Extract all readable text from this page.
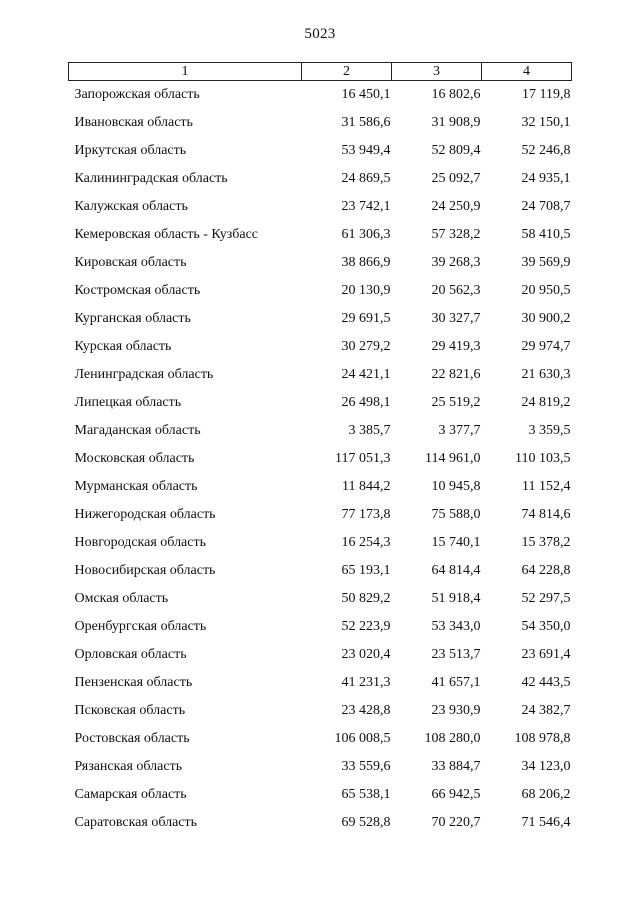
5023
1	2	3	4
Запорожская область	16 450,1	16 802,6	17 119,8
Ивановская область	31 586,6	31 908,9	32 150,1
Иркутская область	53 949,4	52 809,4	52 246,8
Калининградская область	24 869,5	25 092,7	24 935,1
Калужская область	23 742,1	24 250,9	24 708,7
Кемеровская область - Кузбасс	61 306,3	57 328,2	58 410,5
Кировская область	38 866,9	39 268,3	39 569,9
Костромская область	20 130,9	20 562,3	20 950,5
Курганская область	29 691,5	30 327,7	30 900,2
Курская область	30 279,2	29 419,3	29 974,7
Ленинградская область	24 421,1	22 821,6	21 630,3
Липецкая область	26 498,1	25 519,2	24 819,2
Магаданская область	3 385,7	3 377,7	3 359,5
Московская область	117 051,3	114 961,0	110 103,5
Мурманская область	11 844,2	10 945,8	11 152,4
Нижегородская область	77 173,8	75 588,0	74 814,6
Новгородская область	16 254,3	15 740,1	15 378,2
Новосибирская область	65 193,1	64 814,4	64 228,8
Омская область	50 829,2	51 918,4	52 297,5
Оренбургская область	52 223,9	53 343,0	54 350,0
Орловская область	23 020,4	23 513,7	23 691,4
Пензенская область	41 231,3	41 657,1	42 443,5
Псковская область	23 428,8	23 930,9	24 382,7
Ростовская область	106 008,5	108 280,0	108 978,8
Рязанская область	33 559,6	33 884,7	34 123,0
Самарская область	65 538,1	66 942,5	68 206,2
Саратовская область	69 528,8	70 220,7	71 546,4
